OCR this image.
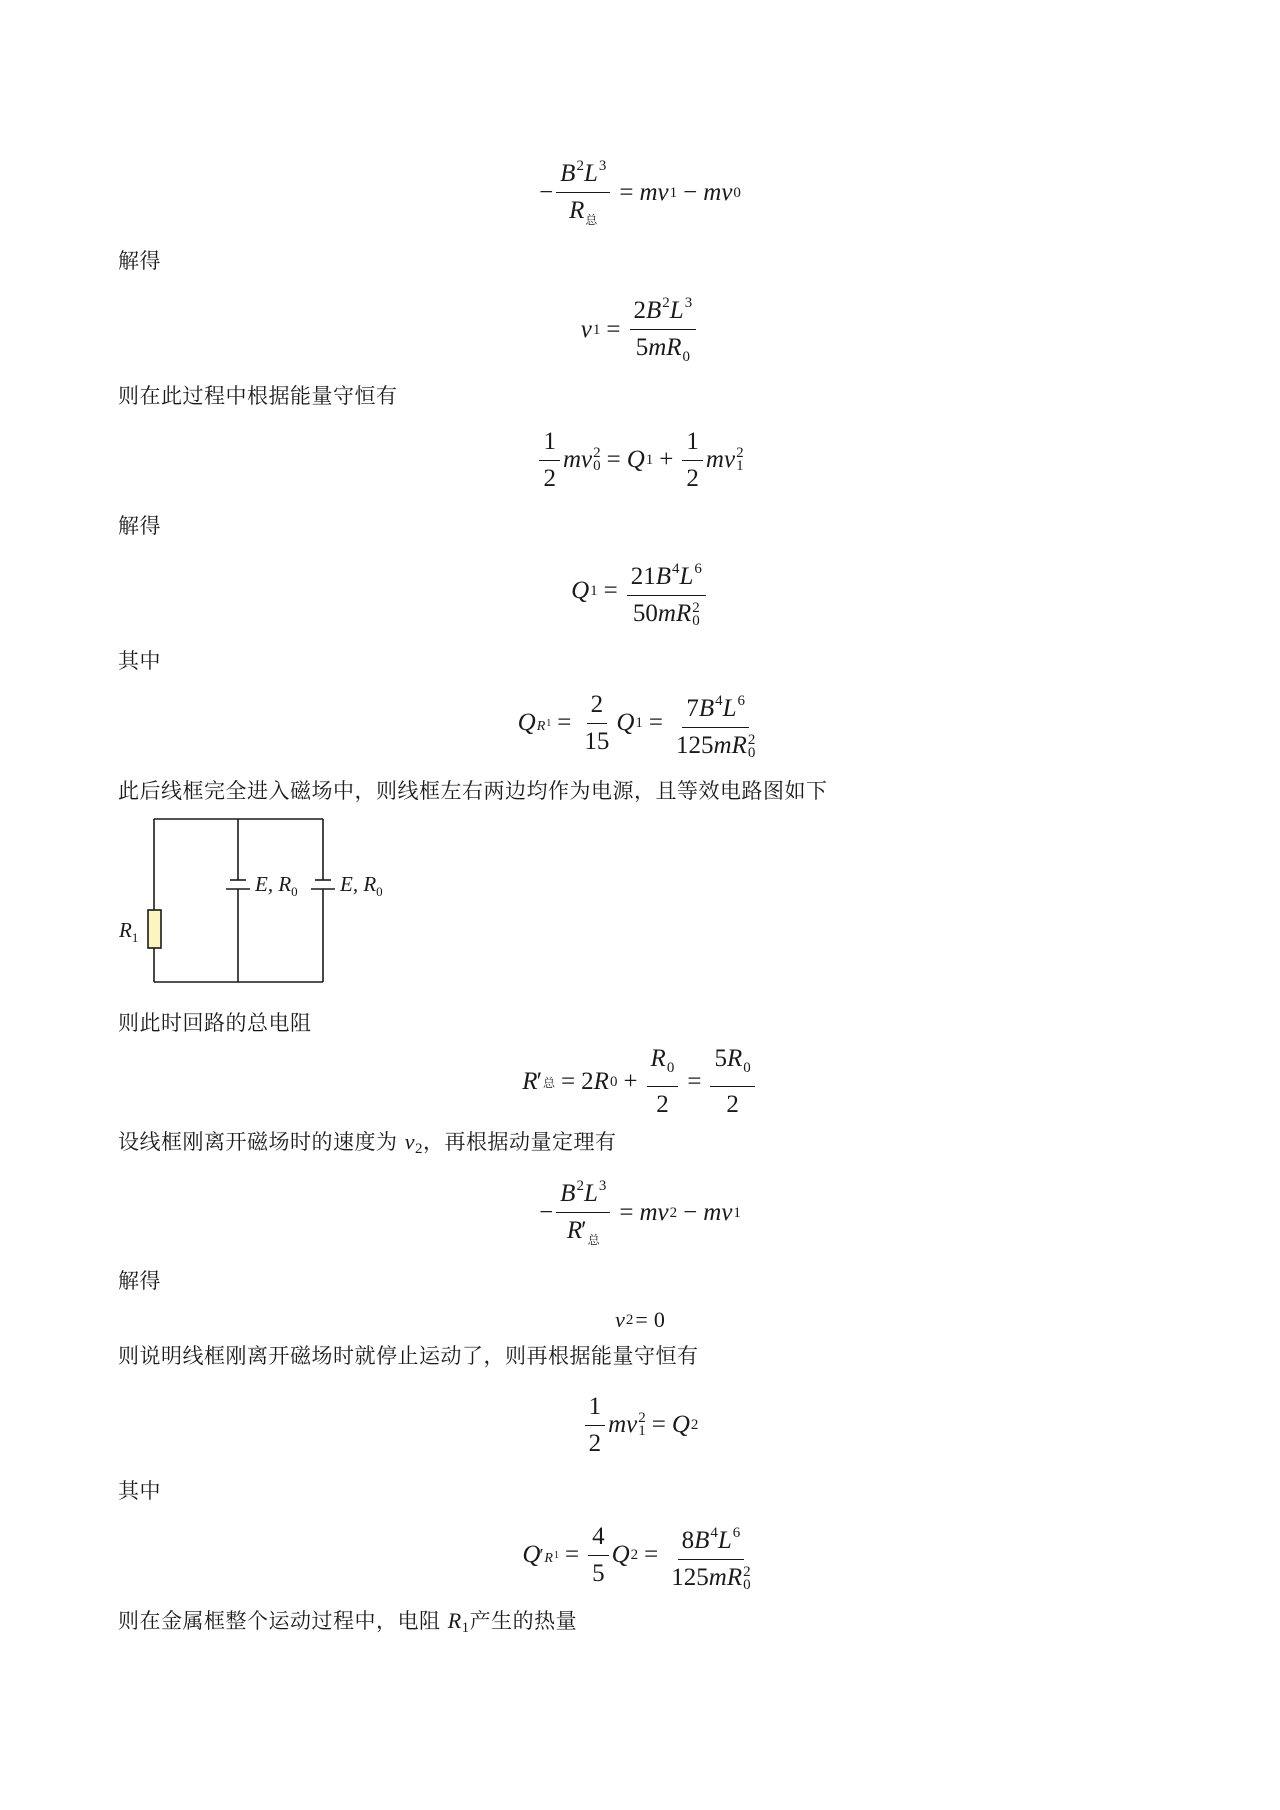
− $\frac{B^2L^3}{R_总} = m$ v 1 − m v 0
解得
v $1 = \frac{2B^2L^3}{5mR_0}$
则在此过程中根据能量守恒有
$\frac{1}{2}$ m v 2
0 = Q $1 + \frac{1}{2}$ m v 2
1
解得
Q $1 = 21B^4L^6$
50mR 2
0
其中
Q $R_1 = \frac{2}{15}$ Q $1 = 7B^4L^6$
125mR 2
0
此后线框完全进入磁场中，则线框左右两边均作为电源，且等效电路图如下
$R_1$
E, $R_0$ E, $R_0$
则此时回路的总电阻
R ′ 总 = 2 R $0 + \frac{R_0}{2} = \frac{5R_0}{2}$
设线框刚离开磁场时的速度为 $v_2$，再根据动量定理有
− $\frac{B^2L^3}{R'_总} = m$ v 2 − m v 1
解得
v 2 = 0
则说明线框刚离开磁场时就停止运动了，则再根据能量守恒有
$\frac{1}{2}$ m v 2
1 = Q 2
其中
Q ′ $R_1 = \frac{4}{5}$ Q $2 = 8B^4L^6$
125mR 2
0
则在金属框整个运动过程中，电阻 $R_1$产生的热量
